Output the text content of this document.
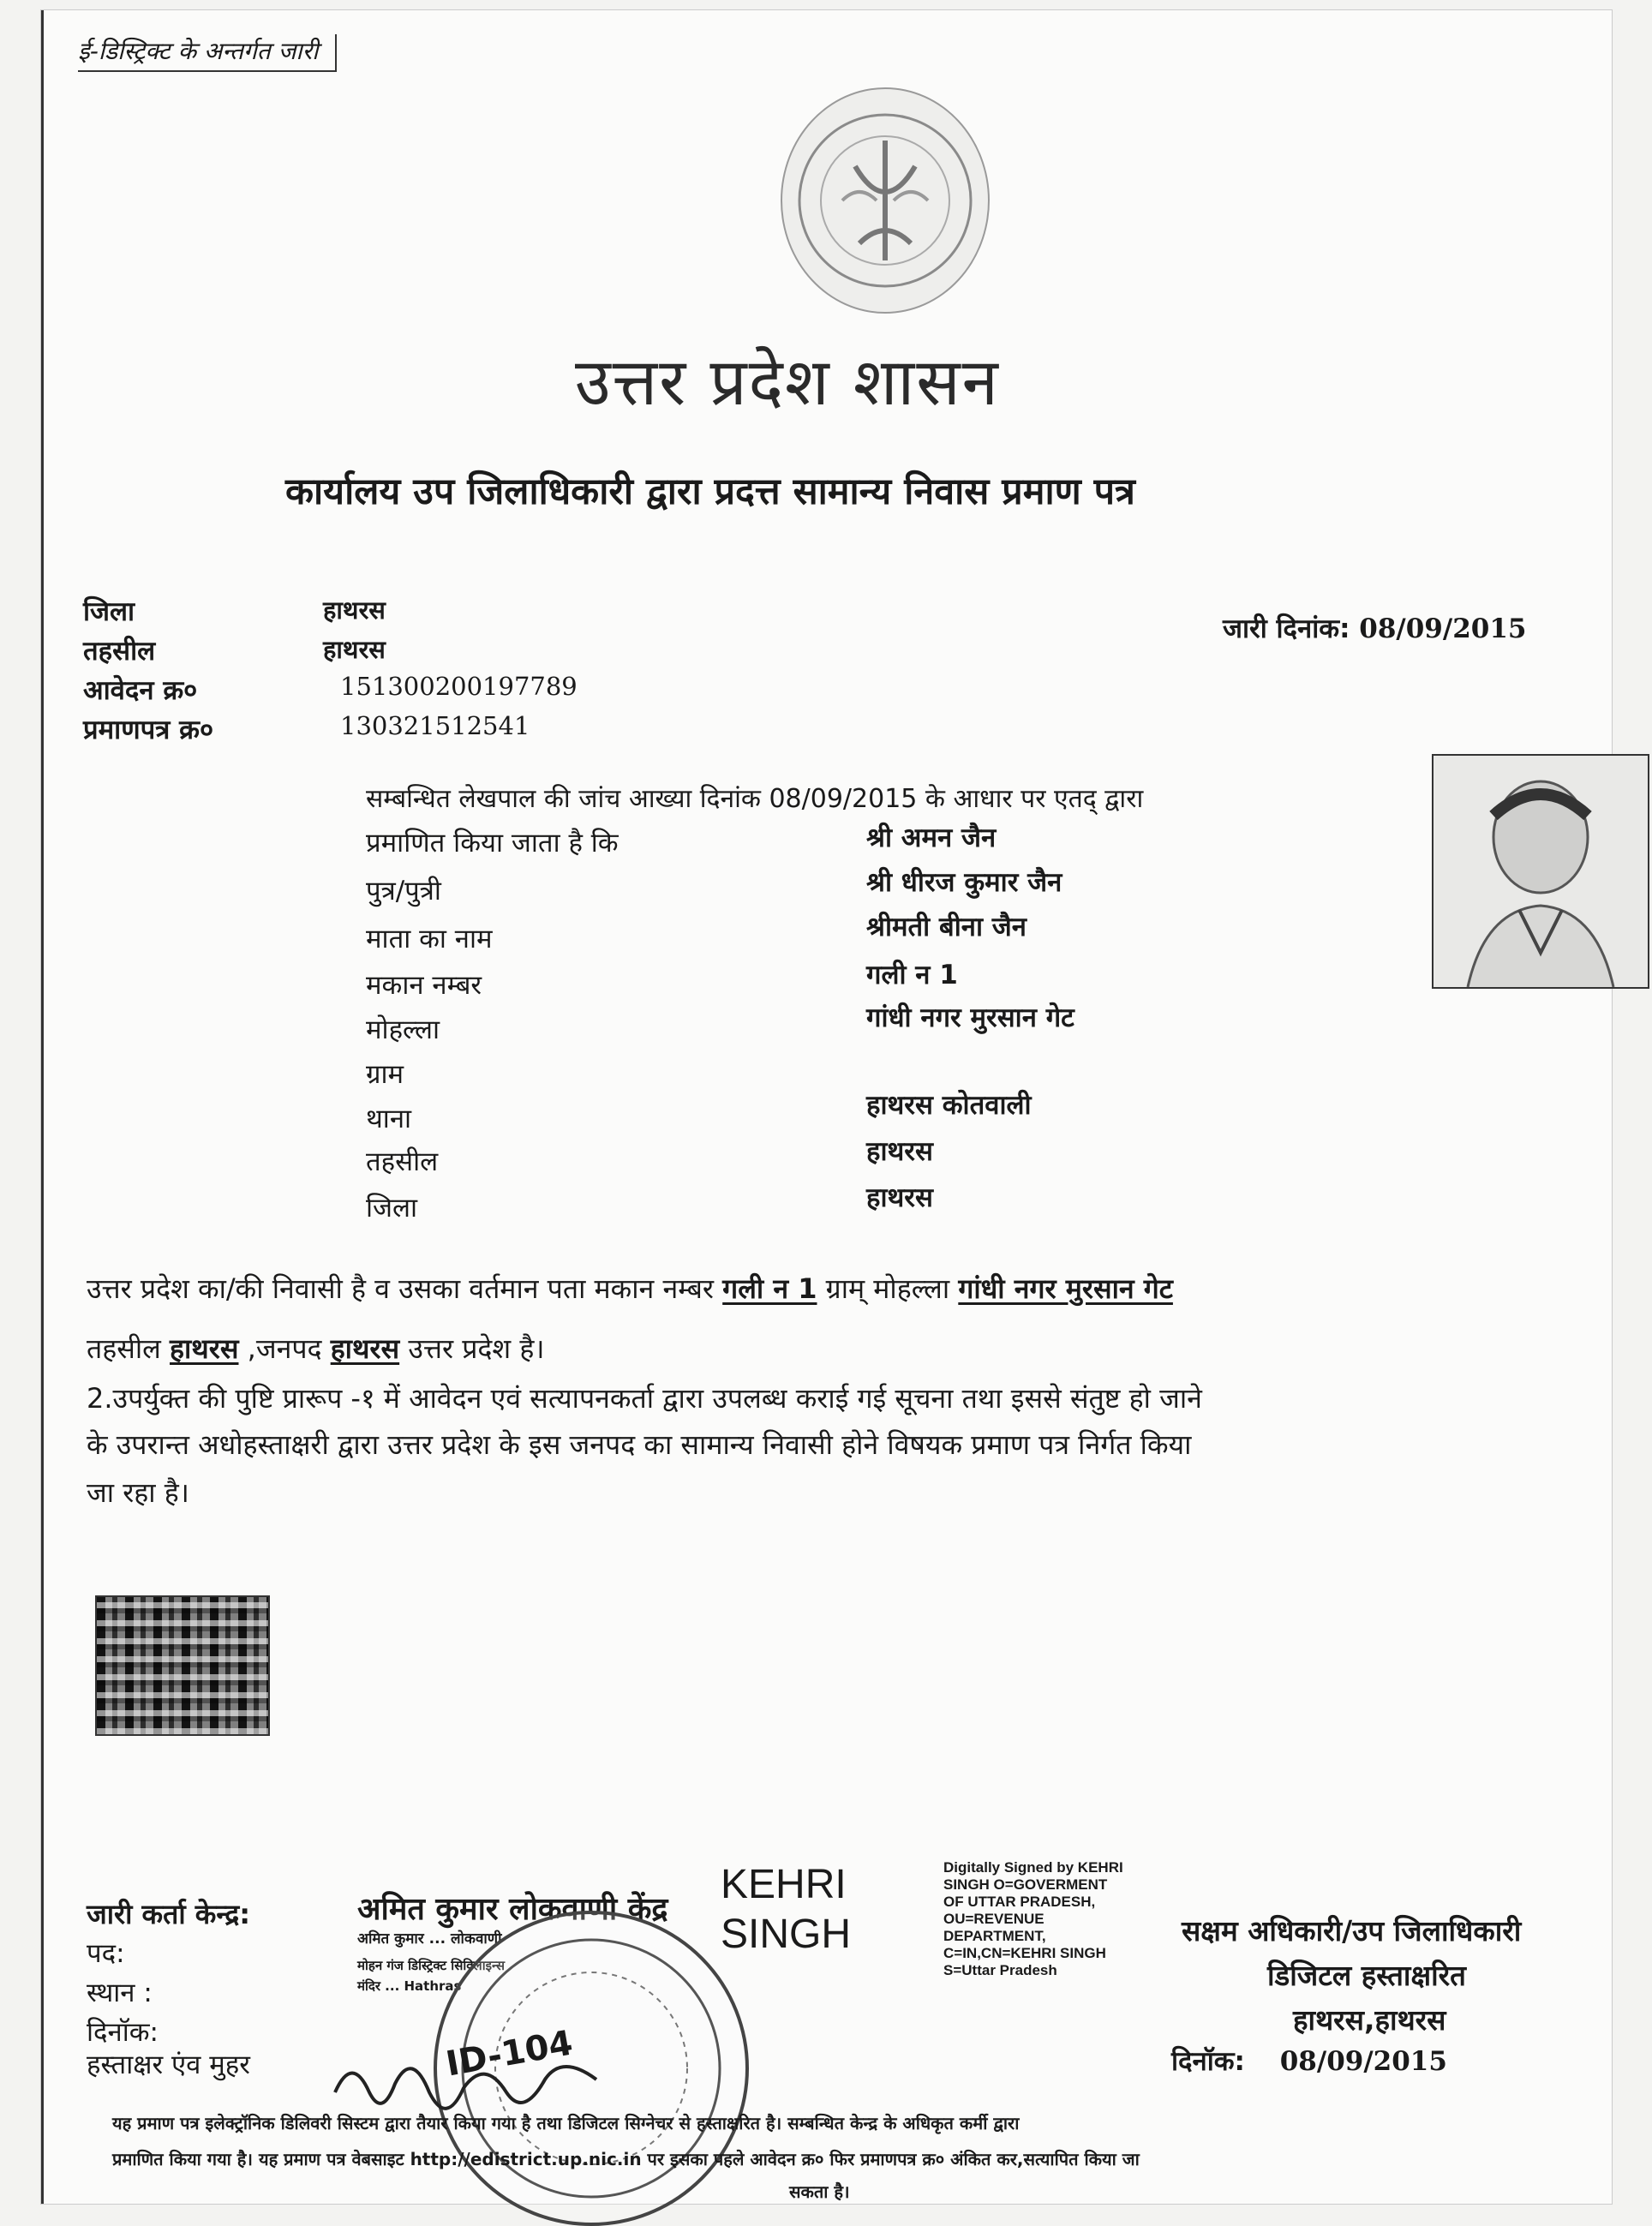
ई-डिस्ट्रिक्ट के अन्तर्गत जारी
उत्तर प्रदेश शासन
कार्यालय उप जिलाधिकारी द्वारा प्रदत्त सामान्य निवास प्रमाण पत्र
जिला	हाथरस
तहसील	हाथरस
आवेदन क्र०	151300200197789
प्रमाणपत्र क्र०	130321512541
जारी दिनांक: 08/09/2015
सम्बन्धित लेखपाल की जांच आख्या दिनांक 08/09/2015 के आधार पर एतद् द्वारा
प्रमाणित किया जाता है कि	श्री अमन जैन
पुत्र/पुत्री	श्री धीरज कुमार जैन
माता का नाम	श्रीमती बीना जैन
मकान नम्बर	गली न 1
मोहल्ला	गांधी नगर मुरसान गेट
ग्राम
थाना	हाथरस कोतवाली
तहसील	हाथरस
जिला	हाथरस
उत्तर प्रदेश का/की निवासी है व उसका वर्तमान पता मकान नम्बर गली न 1 ग्राम् मोहल्ला गांधी नगर मुरसान गेट
तहसील हाथरस ,जनपद हाथरस उत्तर प्रदेश है।
2.उपर्युक्त की पुष्टि प्रारूप -१ में आवेदन एवं सत्यापनकर्ता द्वारा उपलब्ध कराई गई सूचना तथा इससे संतुष्ट हो जाने
के उपरान्त अधोहस्ताक्षरी द्वारा उत्तर प्रदेश के इस जनपद का सामान्य निवासी होने विषयक प्रमाण पत्र निर्गत किया
जा रहा है।
जारी कर्ता केन्द्र:	अमित कुमार लोकवाणी केंद्र
पद:
स्थान :
दिनॉक:
हस्ताक्षर एंव मुहर
अमित कुमार ... लोकवाणी
मोहन गंज डिस्ट्रिक्ट सिविलाइन्स
मंदिर ... Hathras
ID-104
KEHRI
SINGH
Digitally Signed by KEHRI
SINGH O=GOVERMENT
OF UTTAR PRADESH,
OU=REVENUE
DEPARTMENT,
C=IN,CN=KEHRI SINGH
S=Uttar Pradesh
सक्षम अधिकारी/उप जिलाधिकारी
डिजिटल हस्ताक्षरित
हाथरस,हाथरस
दिनॉक: 08/09/2015
यह प्रमाण पत्र इलेक्ट्रॉनिक डिलिवरी सिस्टम द्वारा तैयार किया गया है तथा डिजिटल सिग्नेचर से हस्ताक्षरित है। सम्बन्धित केन्द्र के अधिकृत कर्मी द्वारा
प्रमाणित किया गया है। यह प्रमाण पत्र वेबसाइट http://edistrict.up.nic.in पर इसका पहले आवेदन क्र० फिर प्रमाणपत्र क्र० अंकित कर,सत्यापित किया जा
सकता है।
